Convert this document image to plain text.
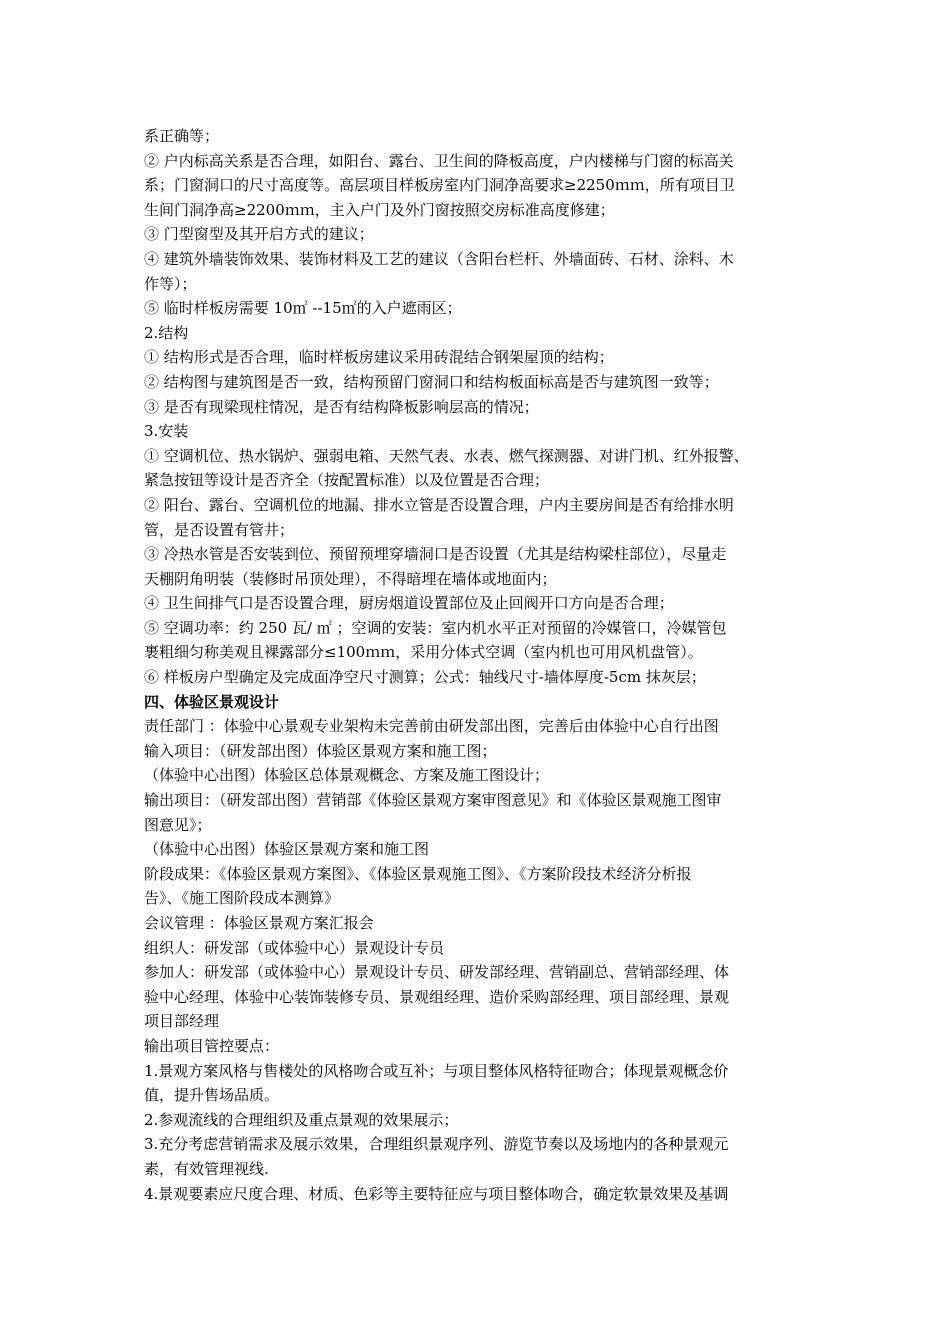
系正确等；
② 户内标高关系是否合理，如阳台、露台、卫生间的降板高度，户内楼梯与门窗的标高关
系；门窗洞口的尺寸高度等。高层项目样板房室内门洞净高要求≥2250ｍｍ，所有项目卫
生间门洞净高≥2200ｍｍ，主入户门及外门窗按照交房标准高度修建；
③ 门型窗型及其开启方式的建议；
④ 建筑外墙装饰效果、装饰材料及工艺的建议（含阳台栏杆、外墙面砖、石材、涂料、木
作等）；
⑤ 临时样板房需要 10㎡ --15㎡的入户遮雨区；
2.结构
① 结构形式是否合理，临时样板房建议采用砖混结合钢架屋顶的结构；
② 结构图与建筑图是否一致，结构预留门窗洞口和结构板面标高是否与建筑图一致等；
③ 是否有现梁现柱情况，是否有结构降板影响层高的情况；
3.安装
① 空调机位、热水锅炉、强弱电箱、天然气表、水表、燃气探测器、对讲门机、红外报警、
紧急按钮等设计是否齐全（按配置标准）以及位置是否合理；
② 阳台、露台、空调机位的地漏、排水立管是否设置合理，户内主要房间是否有给排水明
管，是否设置有管井；
③ 冷热水管是否安装到位、预留预埋穿墙洞口是否设置（尤其是结构梁柱部位），尽量走
天棚阴角明装（装修时吊顶处理），不得暗埋在墙体或地面内；
④ 卫生间排气口是否设置合理，厨房烟道设置部位及止回阀开口方向是否合理；
⑤ 空调功率：约 250 瓦/ ㎡ ；空调的安装：室内机水平正对预留的冷媒管口，冷媒管包
裹粗细匀称美观且裸露部分≤100ｍｍ，采用分体式空调（室内机也可用风机盘管）。
⑥ 样板房户型确定及完成面净空尺寸测算；公式：轴线尺寸-墙体厚度-5cm 抹灰层；
四、体验区景观设计
责任部门 ：体验中心景观专业架构未完善前由研发部出图，完善后由体验中心自行出图
输入项目：（研发部出图）体验区景观方案和施工图；
（体验中心出图）体验区总体景观概念、方案及施工图设计；
输出项目：（研发部出图）营销部《体验区景观方案审图意见》和《体验区景观施工图审
图意见》；
（体验中心出图）体验区景观方案和施工图
阶段成果：《体验区景观方案图》、《体验区景观施工图》、《方案阶段技术经济分析报
告》、《施工图阶段成本测算》
会议管理 ：体验区景观方案汇报会
组织人：研发部（或体验中心）景观设计专员
参加人：研发部（或体验中心）景观设计专员、研发部经理、营销副总、营销部经理、体
验中心经理、体验中心装饰装修专员、景观组经理、造价采购部经理、项目部经理、景观
项目部经理
输出项目管控要点：
1.景观方案风格与售楼处的风格吻合或互补；与项目整体风格特征吻合；体现景观概念价
值，提升售场品质。
2.参观流线的合理组织及重点景观的效果展示；
3.充分考虑营销需求及展示效果，合理组织景观序列、游览节奏以及场地内的各种景观元
素，有效管理视线.
4.景观要素应尺度合理、材质、色彩等主要特征应与项目整体吻合，确定软景效果及基调
